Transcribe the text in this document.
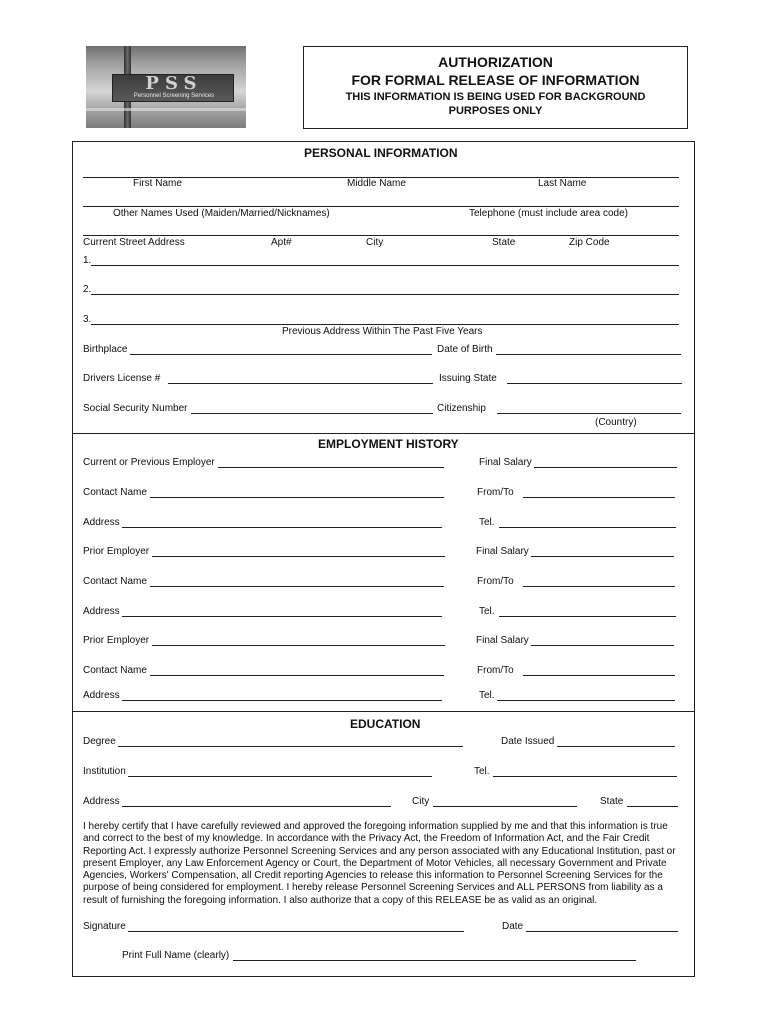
PSS
Personnel Screening Services
AUTHORIZATION
FOR FORMAL RELEASE OF INFORMATION
THIS INFORMATION IS BEING USED FOR BACKGROUND
PURPOSES ONLY
PERSONAL INFORMATION
First Name	Middle Name	Last Name
Other Names Used (Maiden/Married/Nicknames)	Telephone (must include area code)
Current Street Address	Apt#	City	State	Zip Code
1.
2.
3.
Previous Address Within The Past Five Years
Birthplace	Date of Birth
Drivers License #	Issuing State
Social Security Number	Citizenship
(Country)
EMPLOYMENT HISTORY
Current or Previous Employer	Final Salary
Contact Name	From/To
Address	Tel.
Prior Employer	Final Salary
Contact Name	From/To
Address	Tel.
Prior Employer	Final Salary
Contact Name	From/To
Address	Tel.
EDUCATION
Degree	Date Issued
Institution	Tel.
Address	City	State
I hereby certify that I have carefully reviewed and approved the foregoing information supplied by me and that this information is true and correct to the best of my knowledge. In accordance with the Privacy Act, the Freedom of Information Act, and the Fair Credit Reporting Act. I expressly authorize Personnel Screening Services and any person associated with any Educational Institution, past or present Employer, any Law Enforcement Agency or Court, the Department of Motor Vehicles, all necessary Government and Private Agencies, Workers' Compensation, all Credit reporting Agencies to release this information to Personnel Screening Services for the purpose of being considered for employment. I hereby release Personnel Screening Services and ALL PERSONS from liability as a result of furnishing the foregoing information. I also authorize that a copy of this RELEASE be as valid as an original.
Signature	Date
Print Full Name (clearly)
